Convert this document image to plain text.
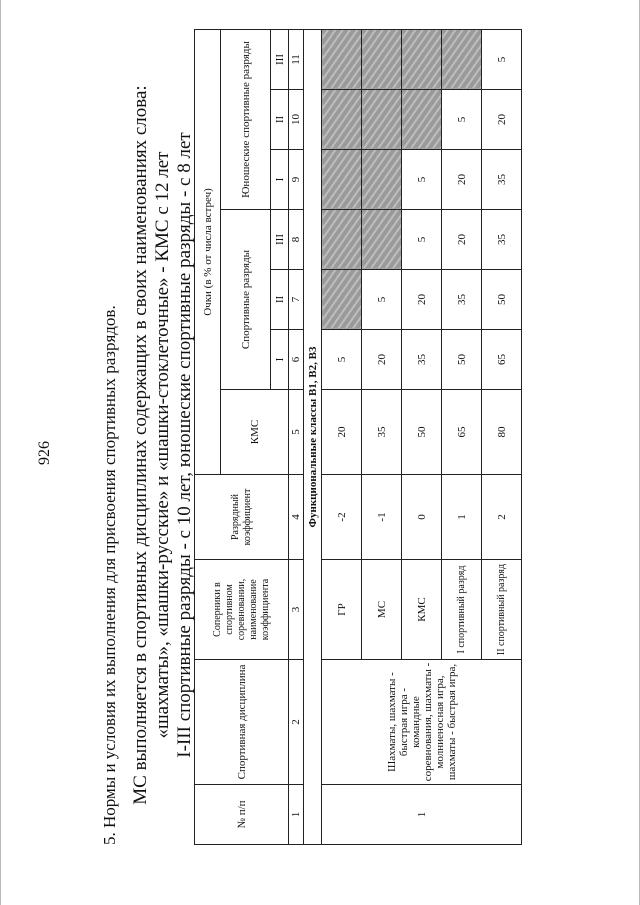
926	5. Нормы и условия их выполнения для присвоения спортивных разрядов. МС выполняется в спортивных дисциплинах содержащих в своих наименованиях слова: «шахматы», «шашки-русские» и «шашки-стоклеточные» - КМС с 12 лет I-III спортивные разряды - с 10 лет, юношеские спортивные разряды - с 8 лет
№ п/п	Спортивная дисциплина	Соперники в спортивном соревновании, наименование коэффициента	Разрядный коэффициент	Очки (в % от числа встреч)						
				КМС	Спортивные разряды			Юношеские спортивные разряды		
					I	II	III	I	II	III
1	2	3	4	5	6	7	8	9	10	11
Функциональные классы В1, В2, В3										
1	Шахматы, шахматы - быстрая игра - командные соревнования, шахматы - молниеносная игра, шахматы - быстрая игра,	ГР	-2	20	5					
		МС	-1	35	20	5				
		КМС	0	50	35	20	5	5		
		I спортивный разряд	1	65	50	35	20	20	5	
		II спортивный разряд	2	80	65	50	35	35	20	5
